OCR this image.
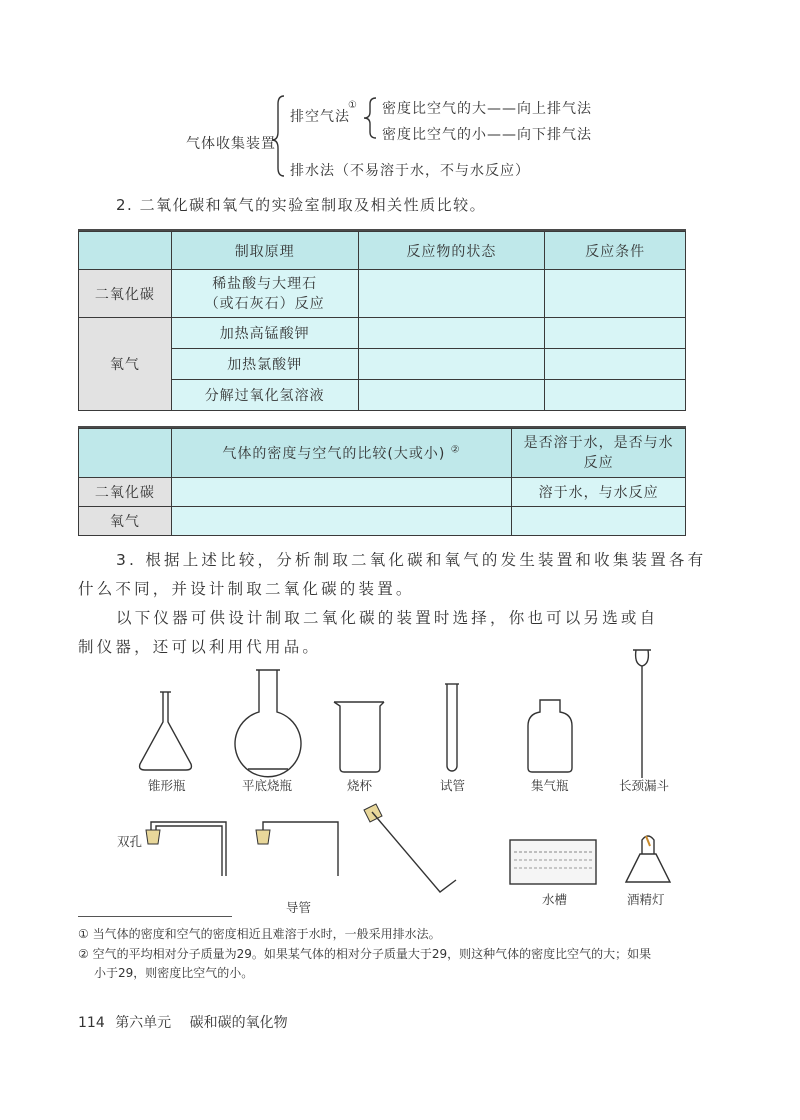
气体收集装置
排空气法
① 密度比空气的大——向上排气法
密度比空气的小——向下排气法
排水法（不易溶于水，不与水反应）
2. 二氧化碳和氧气的实验室制取及相关性质比较。
	制取原理	反应物的状态	反应条件
二氧化碳	稀盐酸与大理石
（或石灰石）反应		

氧气	加热高锰酸钾		
	加热氯酸钾		
	分解过氧化氢溶液		
	气体的密度与空气的比较(大或小) ②	是否溶于水，是否与水
反应

二氧化碳		溶于水，与水反应
氧气		
3. 根据上述比较，分析制取二氧化碳和氧气的发生装置和收集装置各有
什么不同，并设计制取二氧化碳的装置。
以下仪器可供设计制取二氧化碳的装置时选择，你也可以另选或自
制仪器，还可以利用代用品。
锥形瓶	平底烧瓶	烧杯	试管	集气瓶	长颈漏斗
双孔
导管
水槽	酒精灯
① 当气体的密度和空气的密度相近且难溶于水时，一般采用排水法。
② 空气的平均相对分子质量为29。如果某气体的相对分子质量大于29，则这种气体的密度比空气的大；如果
小于29，则密度比空气的小。
114 第六单元 碳和碳的氧化物
